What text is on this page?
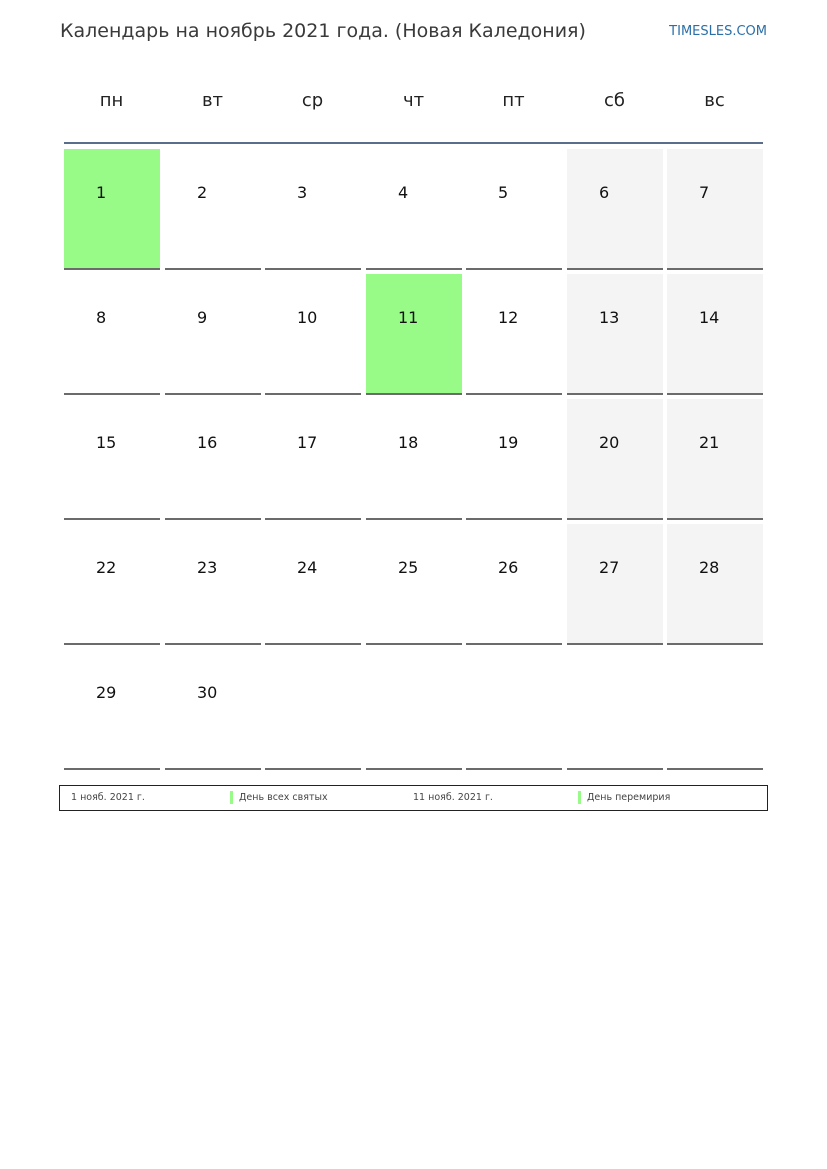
Календарь на ноябрь 2021 года. (Новая Каледония)	TIMESLES.COM
пн	вт	ср	чт	пт	сб	вс
1	2	3	4	5	6	7
8	9	10	11	12	13	14
15	16	17	18	19	20	21
22	23	24	25	26	27	28
29	30
1 нояб. 2021 г.	День всех святых	11 нояб. 2021 г.	День перемирия
